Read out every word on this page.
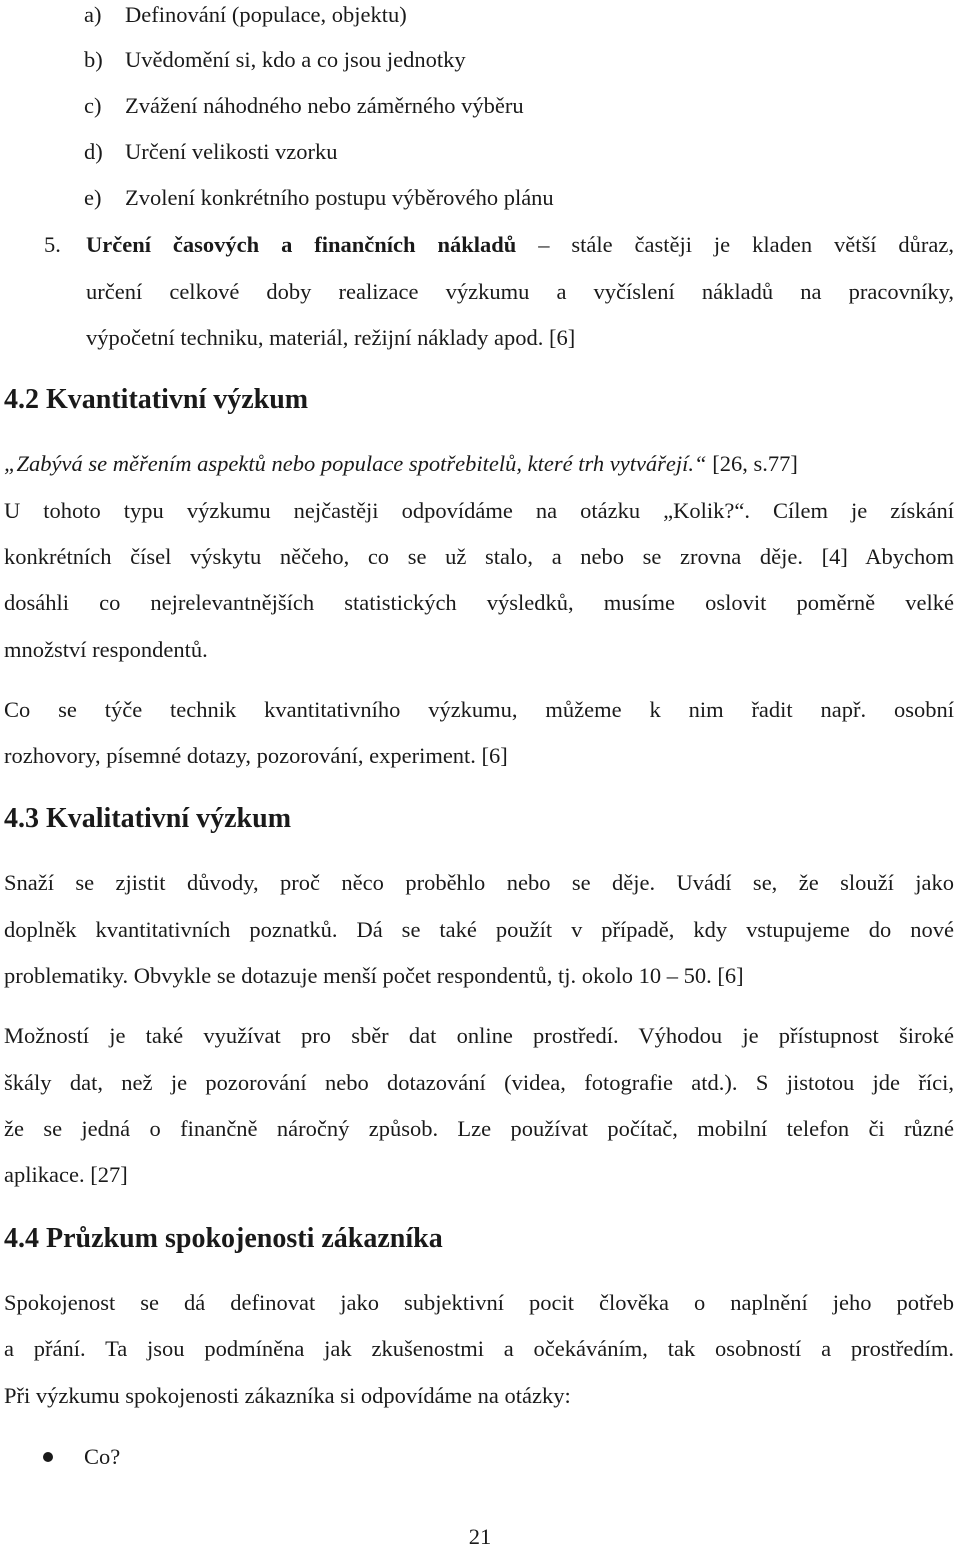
a) Definování (populace, objektu)
b) Uvědomění si, kdo a co jsou jednotky
c) Zvážení náhodného nebo záměrného výběru
d) Určení velikosti vzorku
e) Zvolení konkrétního postupu výběrového plánu
5. Určení časových a finančních nákladů – stále častěji je kladen větší důraz,
určení celkové doby realizace výzkumu a vyčíslení nákladů na pracovníky,
výpočetní techniku, materiál, režijní náklady apod. [6]
4.2 Kvantitativní výzkum
„Zabývá se měřením aspektů nebo populace spotřebitelů, které trh vytvářejí.“ [26, s.77]
U tohoto typu výzkumu nejčastěji odpovídáme na otázku „Kolik?“. Cílem je získání
konkrétních čísel výskytu něčeho, co se už stalo, a nebo se zrovna děje. [4] Abychom
dosáhli co nejrelevantnějších statistických výsledků, musíme oslovit poměrně velké
množství respondentů.
Co se týče technik kvantitativního výzkumu, můžeme k nim řadit např. osobní
rozhovory, písemné dotazy, pozorování, experiment. [6]
4.3 Kvalitativní výzkum
Snaží se zjistit důvody, proč něco proběhlo nebo se děje. Uvádí se, že slouží jako
doplněk kvantitativních poznatků. Dá se také použít v případě, kdy vstupujeme do nové
problematiky. Obvykle se dotazuje menší počet respondentů, tj. okolo 10 – 50. [6]
Možností je také využívat pro sběr dat online prostředí. Výhodou je přístupnost široké
škály dat, než je pozorování nebo dotazování (videa, fotografie atd.). S jistotou jde říci,
že se jedná o finančně náročný způsob. Lze používat počítač, mobilní telefon či různé
aplikace. [27]
4.4 Průzkum spokojenosti zákazníka
Spokojenost se dá definovat jako subjektivní pocit člověka o naplnění jeho potřeb
a přání. Ta jsou podmíněna jak zkušenostmi a očekáváním, tak osobností a prostředím.
Při výzkumu spokojenosti zákazníka si odpovídáme na otázky:
Co?
21
